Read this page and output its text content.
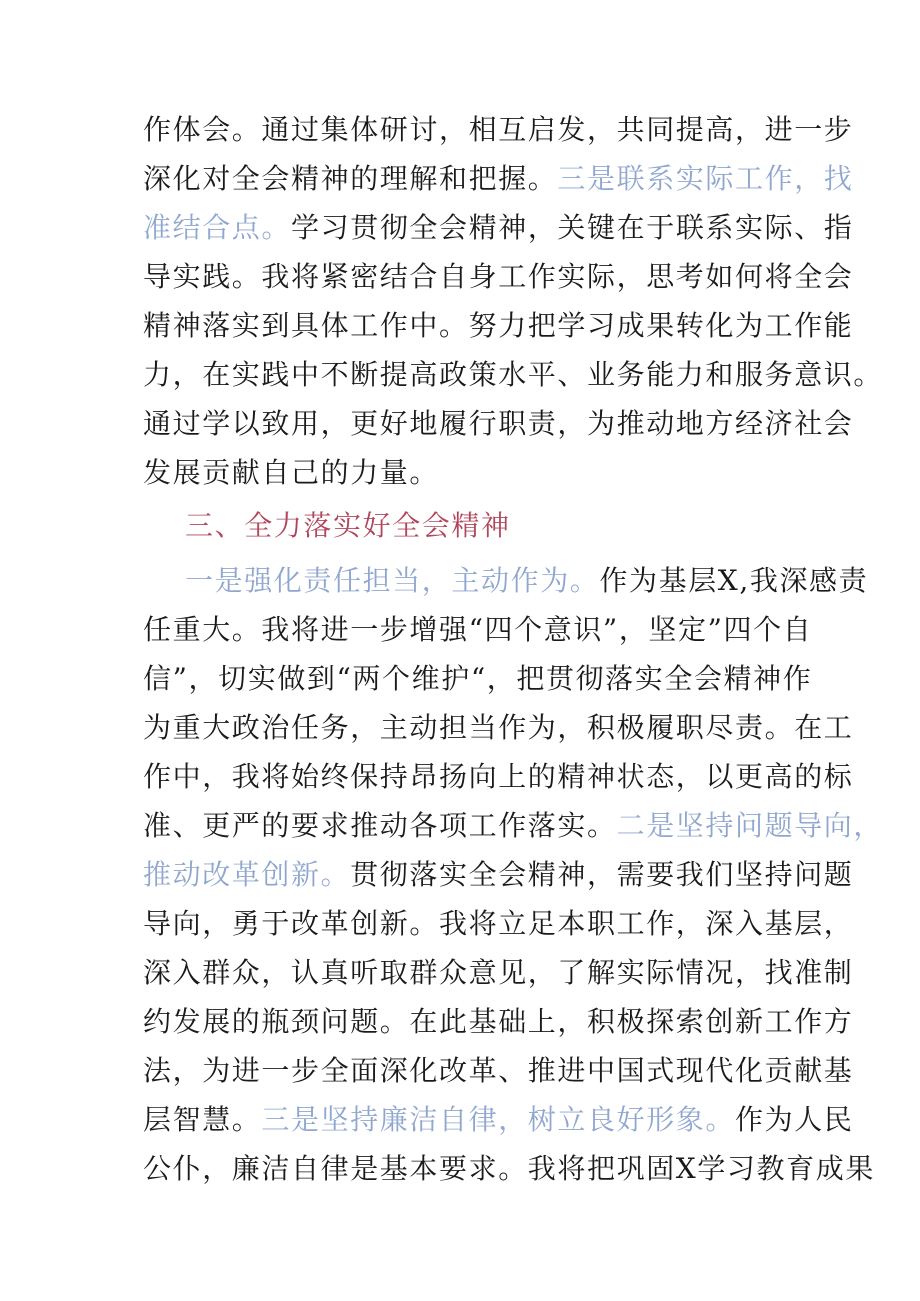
作体会。通过集体研讨，相互启发，共同提高，进一步
深化对全会精神的理解和把握。三是联系实际工作，找
准结合点。学习贯彻全会精神，关键在于联系实际、指
导实践。我将紧密结合自身工作实际，思考如何将全会
精神落实到具体工作中。努力把学习成果转化为工作能
力，在实践中不断提高政策水平、业务能力和服务意识。
通过学以致用，更好地履行职责，为推动地方经济社会
发展贡献自己的力量。
三、全力落实好全会精神
一是强化责任担当，主动作为。作为基层X,我深感责
任重大。我将进一步增强“四个意识”，坚定”四个自
信”，切实做到“两个维护“，把贯彻落实全会精神作
为重大政治任务，主动担当作为，积极履职尽责。在工
作中，我将始终保持昂扬向上的精神状态，以更高的标
准、更严的要求推动各项工作落实。二是坚持问题导向，
推动改革创新。贯彻落实全会精神，需要我们坚持问题
导向，勇于改革创新。我将立足本职工作，深入基层，
深入群众，认真听取群众意见，了解实际情况，找准制
约发展的瓶颈问题。在此基础上，积极探索创新工作方
法，为进一步全面深化改革、推进中国式现代化贡献基
层智慧。三是坚持廉洁自律，树立良好形象。作为人民
公仆，廉洁自律是基本要求。我将把巩固X学习教育成果
